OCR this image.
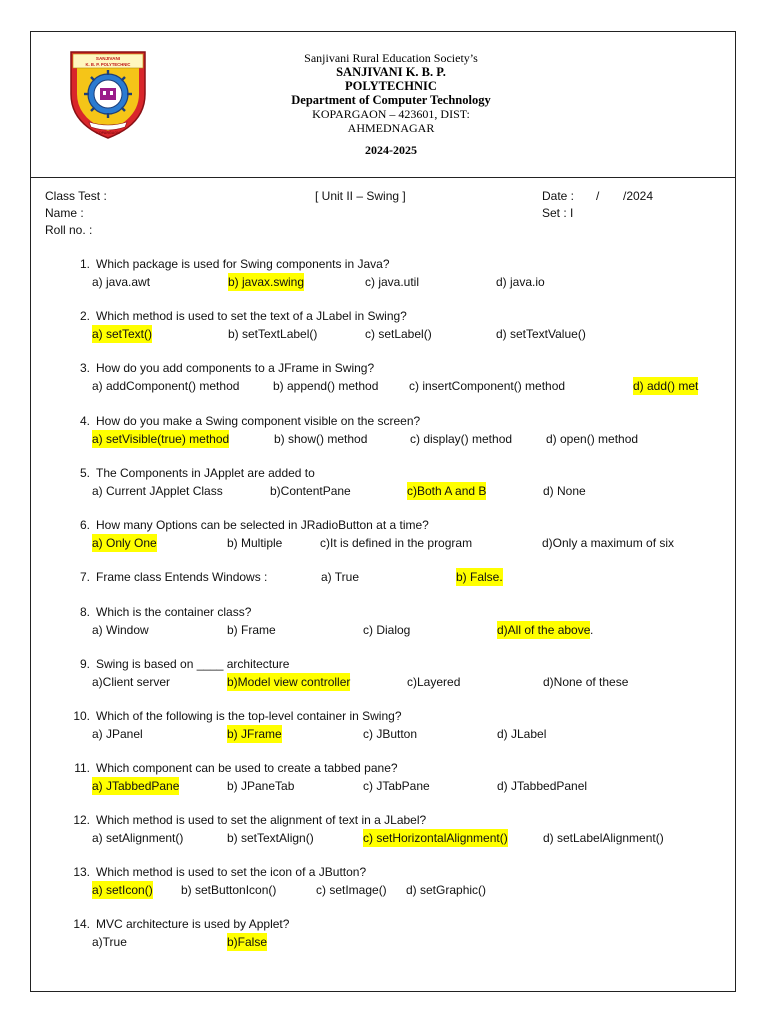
SANJIVANI
K. B. P. POLYTECHNIC
KOPARGAON
Sanjivani Rural Education Society’s
SANJIVANI K. B. P.
POLYTECHNIC
Department of Computer Technology
KOPARGAON – 423601, DIST:
AHMEDNAGAR
2024-2025
Class Test :	[ Unit II – Swing ]	Date : / /2024
Name :	Set : I
Roll no. :
1. Which package is used for Swing components in Java?
a) java.awt	b) javax.swing	c) java.util	d) java.io
2. Which method is used to set the text of a JLabel in Swing?
a) setText()	b) setTextLabel()	c) setLabel()	d) setTextValue()
3. How do you add components to a JFrame in Swing?
a) addComponent() method	b) append() method	c) insertComponent() method	d) add() met
4. How do you make a Swing component visible on the screen?
a) setVisible(true) method	b) show() method	c) display() method	d) open() method
5. The Components in JApplet are added to
a) Current JApplet Class	b)ContentPane	c)Both A and B	d) None
6. How many Options can be selected in JRadioButton at a time?
a) Only One	b) Multiple	c)It is defined in the program	d)Only a maximum of six
7. Frame class Entends Windows :	a) True	b) False.
8. Which is the container class?
a) Window	b) Frame	c) Dialog	d)All of the above .
9. Swing is based on ____ architecture
a)Client server	b)Model view controller	c)Layered	d)None of these
10. Which of the following is the top-level container in Swing?
a) JPanel	b) JFrame	c) JButton	d) JLabel
11. Which component can be used to create a tabbed pane?
a) JTabbedPane	b) JPaneTab	c) JTabPane	d) JTabbedPanel
12. Which method is used to set the alignment of text in a JLabel?
a) setAlignment()	b) setTextAlign()	c) setHorizontalAlignment()	d) setLabelAlignment()
13. Which method is used to set the icon of a JButton?
a) setIcon() b) setButtonIcon()	c) setImage() d) setGraphic()
14. MVC architecture is used by Applet?
a)True	b)False
